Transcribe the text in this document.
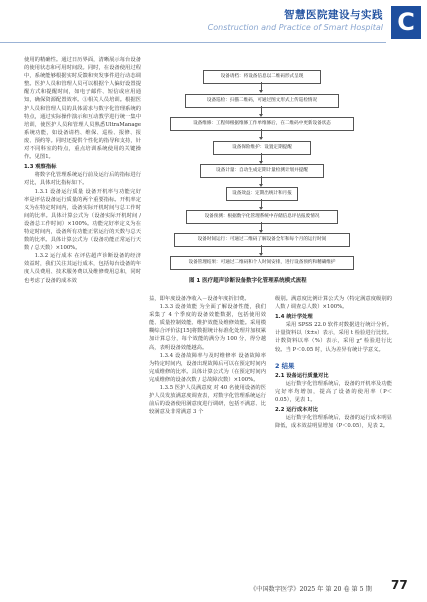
智慧医院建设与实践
Construction and Practice of Smart Hospital C

使用的精确性。通过日历界面，清晰展示每台设备的使用状态和可用时间段。同时，在设备使用过程中，系统能够根据实时反馈和突发事件进行动态调整。医护人员和管理人员可以根据个人偏好设置提醒方式和提醒时间，如电子邮件、短信或应用通知，确保资源配置效率。③相关人员培训。根据医护人员和管理人员的具体需求与数字化管理系统的特点，通过实际操作演示和互动教学进行统一集中培训，使医护人员和管理人员熟悉UltraManage系统功能，如设备请档、维保、巡检、报修、报废、预约等。同时还提供个性化的指导和支持，针对不同科室的特点，重点培训系统使用的关键操作。见图1。

1.3 观察指标

将数字化管理系统运行前及运行后的指标进行对比，具体对比指标如下。

1.3.1 设备运行质量 设备开机率与功能完好率是评估设备运行质量的两个重要指标。开机率定义为在特定时间内，设备实际开机时间与总工作时间的比率。具体计算公式为（设备实际开机时间 / 设备总工作时间）×100%。功能完好率定义为在特定时间内，设备所有功能正常运行的天数与总天数的比率。具体计算公式为（设备功能正常运行天数 / 总天数）×100%。

1.3.2 运行成本 在评估超声诊断设备的经济效益时，我们关注其运行成本，包括每台设备的年度人员费用、技术服务费以及维修费用总和，同时也考虑了设备的成本效

设备请档：将设备信息以二维码形式呈现
设备巡检：扫描二维码，可通过图文形式上传巡检情况
设备维修：工程师根据维修工作单维修后，在二维码中更新设备状态
设备保险维护：设置定期提醒
设备计量：自动生成定期计量检测计划并提醒
设备效益：定期出统计和月报
设备预测：根据数字化管理系统中存储信息评估报废情况
设备时间运行：可通过二维码了解设备全年和每个月的运行时间
设备管理结果：可通过二维码和个人时间安排，进行设备预约和精确维护
图 1 医疗超声诊断设备数字化管理系统模式流程

益，即年度设备净收入－设备年度折旧费。

1.3.3 设备效能 为全面了解设备性能，我们采集了 4 个季度的设备效能数据，包括使用效能、质量控制效能、维护效能及维修效能。采用模糊综合评价法[15]将数据统计标准化处理并加权累加计算总分，每个效能的满分为 100 分，得分越高，表明设备效能越高。

1.3.4 设备故障率与及时维修率 设备故障率为特定时间内，设备出现故障后可以在预定时间内完成维修的比率。具体计算公式为（在预定时间内完成维修的设备次数 / 总故障次数）×100%。

1.3.5 医护人员满意度 对 40 名使用设备的医护人员发放满意度调查表，对数字化管理系统运行前后的设备使用满意度进行调研，包括不满意、比较满意及非常满意 3 个

级别。满意度比例计算公式为（特定满意度级别的人数 / 调查总人数）×100%。

1.4 统计学处理

采用 SPSS 22.0 软件对数据进行统计分析。计量资料以（x̄±s）表示，采用 t 检验进行比较。计数资料以率（%）表示，采用 χ² 检验进行比较。当 P＜0.05 时，认为差异有统计学意义。

2 结果

2.1 设备运行质量对比

运行数字化管理系统后，设备的开机率及功能完好率均增加，提高了设备的使用率（P＜0.05），见表 1。

2.2 运行成本对比

运行数字化管理系统后，设备的运行成本明显降低，成本效益明显增加（P＜0.05），见表 2。

《中国数字医学》2025 年 第 20 卷 第 5 期 77
